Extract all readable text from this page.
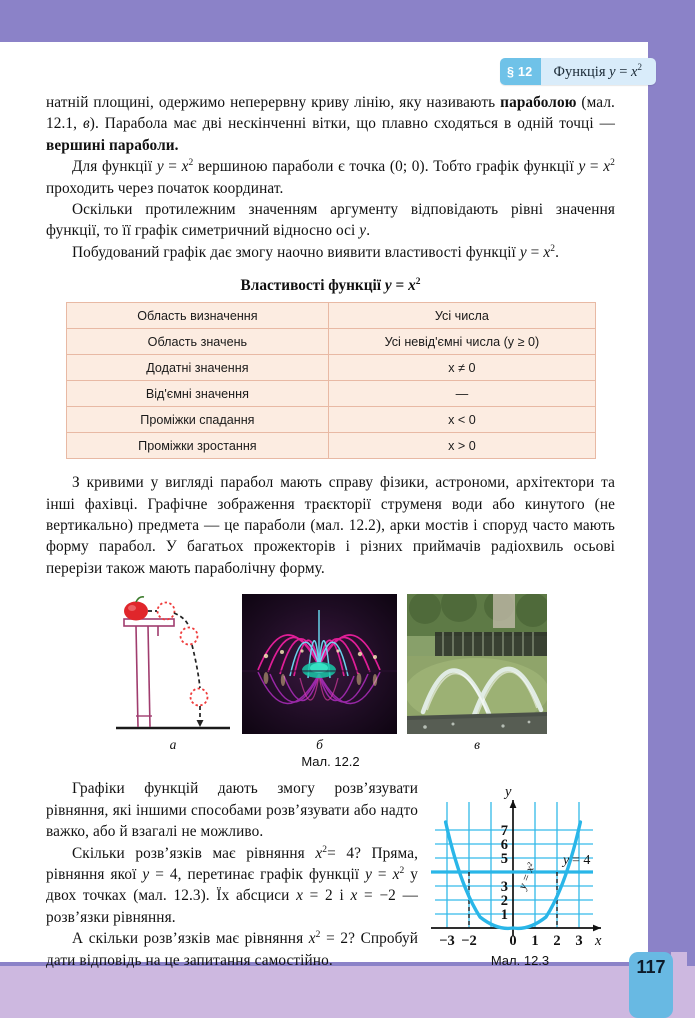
§ 12	Функція $y = x^2$

натній площині, одержимо неперервну криву лінію, яку називають параболою (мал. 12.1, в). Парабола має дві нескінченні вітки, що плавно сходяться в одній точці — вершині параболи.

Для функції $y = x^2$ вершиною параболи є точка (0; 0). Тобто графік функції $y = x^2$ проходить через початок координат.

Оскільки протилежним значенням аргументу відповідають рівні значення функції, то її графік симетричний відносно осі y.

Побудований графік дає змогу наочно виявити властивості функції $y = x^2$.

Властивості функції $y = x^2$
Область визначення	Усі числа
Область значень	Усі невід'ємні числа (y ≥ 0)
Додатні значення	x ≠ 0
Від'ємні значення	—
Проміжки спадання	x < 0
Проміжки зростання	x > 0

З кривими у вигляді парабол мають справу фізики, астрономи, архітектори та інші фахівці. Графічне зображення траєкторії струменя води або кинутого (не вертикально) предмета — це параболи (мал. 12.2), арки мостів і споруд часто мають форму парабол. У багатьох прожекторів і різних приймачів радіохвиль осьові перерізи також мають параболічну форму.

а	б	в
Мал. 12.2

Графіки функцій дають змогу розв’язувати рівняння, які іншими способами розв’язувати або надто важко, або й взагалі не можливо.

Скільки розв’язків має рівняння $x^2= 4$? Пряма, рівняння якої y = 4, перетинає графік функції $y = x^2$ у двох точках (мал. 12.3). Їх абсциси x = 2 і x = −2 — розв’язки рівняння.

А скільки розв’язків має рівняння $x^2 = 2$? Спробуй дати відповідь на це запитання самостійно.

y = 4
y = x²
y
x
−3 −2 0 1 2 3
1
2
3
5
6
7
Мал. 12.3	117
